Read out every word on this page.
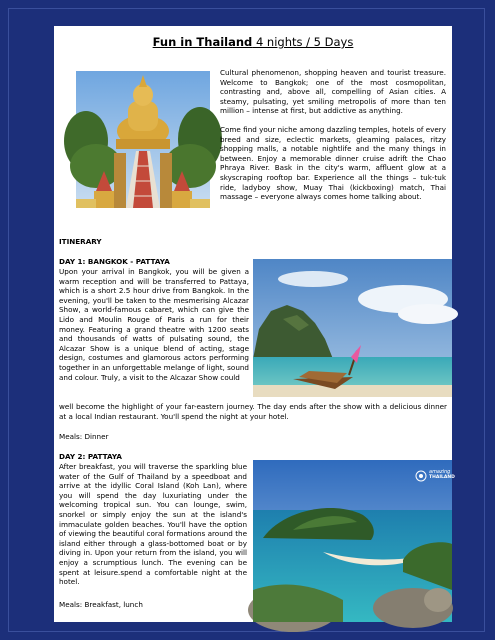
Fun in Thailand 4 nights / 5 Days

Cultural phenomenon, shopping heaven and tourist treasure. Welcome to Bangkok; one of the most cosmopolitan, contrasting and, above all, compelling of Asian cities. A steamy, pulsating, yet smiling metropolis of more than ten million – intense at first, but addictive as anything.

Come find your niche among dazzling temples, hotels of every breed and size, eclectic markets, gleaming palaces, ritzy shopping malls, a notable nightlife and the many things in between. Enjoy a memorable dinner cruise adrift the Chao Phraya River. Bask in the city's warm, affluent glow at a skyscraping rooftop bar. Experience all the things – tuk-tuk ride, ladyboy show, Muay Thai (kickboxing) match, Thai massage – everyone always comes home talking about.

ITINERARY
DAY 1: BANGKOK - PATTAYA

Upon your arrival in Bangkok, you will be given a warm reception and will be transferred to Pattaya, which is a short 2.5 hour drive from Bangkok. In the evening, you'll be taken to the mesmerising Alcazar Show, a world-famous cabaret, which can give the Lido and Moulin Rouge of Paris a run for their money. Featuring a grand theatre with 1200 seats and thousands of watts of pulsating sound, the Alcazar Show is a unique blend of acting, stage design, costumes and glamorous actors performing together in an unforgettable melange of light, sound and colour. Truly, a visit to the Alcazar Show could

well become the highlight of your far-eastern journey. The day ends after the show with a delicious dinner at a local Indian restaurant. You'll spend the night at your hotel.

Meals: Dinner
DAY 2: PATTAYA

After breakfast, you will traverse the sparkling blue water of the Gulf of Thailand by a speedboat and arrive at the idyllic Coral Island (Koh Lan), where you will spend the day luxuriating under the welcoming tropical sun. You can lounge, swim, snorkel or simply enjoy the sun at the island's immaculate golden beaches. You'll have the option of viewing the beautiful coral formations around the island either through a glass-bottomed boat or by diving in. Upon your return from the island, you will enjoy a scrumptious lunch. The evening can be spent at leisure.spend a comfortable night at the hotel.

amazing
THAILAND
Meals: Breakfast, lunch
